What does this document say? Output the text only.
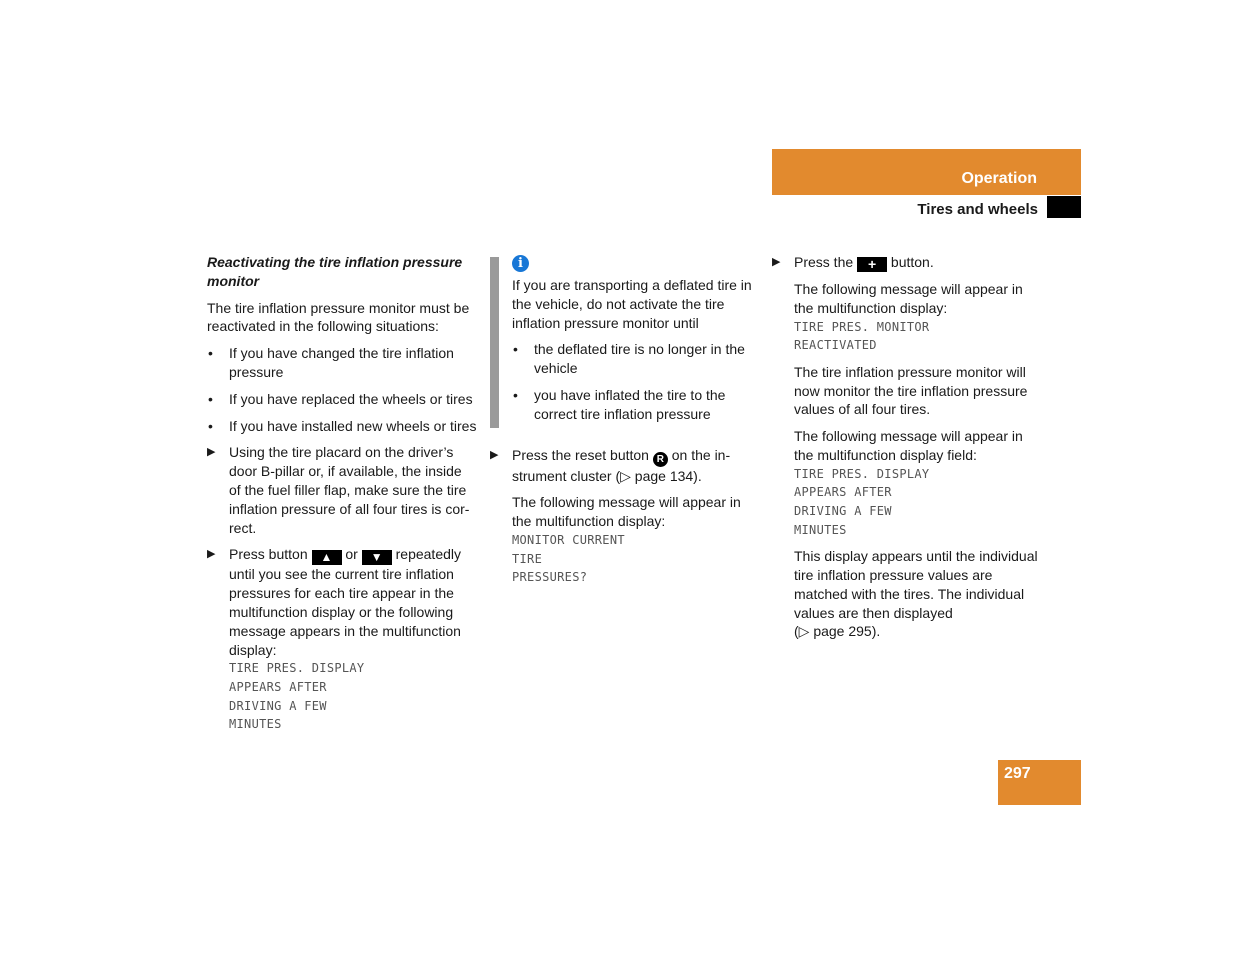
Operation
Tires and wheels
Reactivating the tire inflation pressure monitor

The tire inflation pressure monitor must be reactivated in the following situations:

• If you have changed the tire inflation pressure
• If you have replaced the wheels or tires
• If you have installed new wheels or tires
▶ Using the tire placard on the driver’s door B-pillar or, if available, the inside of the fuel filler flap, make sure the tire inflation pressure of all four tires is cor-rect.
▶ Press button ▲ or ▼ repeatedly until you see the current tire inflation pressures for each tire appear in the multifunction display or the following message appears in the multifunction display:
TIRE PRES. DISPLAY
APPEARS AFTER
DRIVING A FEW
MINUTES
i

If you are transporting a deflated tire in the vehicle, do not activate the tire inflation pressure monitor until

• the deflated tire is no longer in the vehicle
• you have inflated the tire to the correct tire inflation pressure
▶ Press the reset button R on the in-strument cluster (▷ page 134).

The following message will appear in the multifunction display:

MONITOR CURRENT
TIRE
PRESSURES?
▶ Press the + button.

The following message will appear in the multifunction display:

TIRE PRES. MONITOR
REACTIVATED

The tire inflation pressure monitor will now monitor the tire inflation pressure values of all four tires.

The following message will appear in the multifunction display field:

TIRE PRES. DISPLAY
APPEARS AFTER
DRIVING A FEW
MINUTES

This display appears until the individual tire inflation pressure values are matched with the tires. The individual values are then displayed
(▷ page 295).

297
